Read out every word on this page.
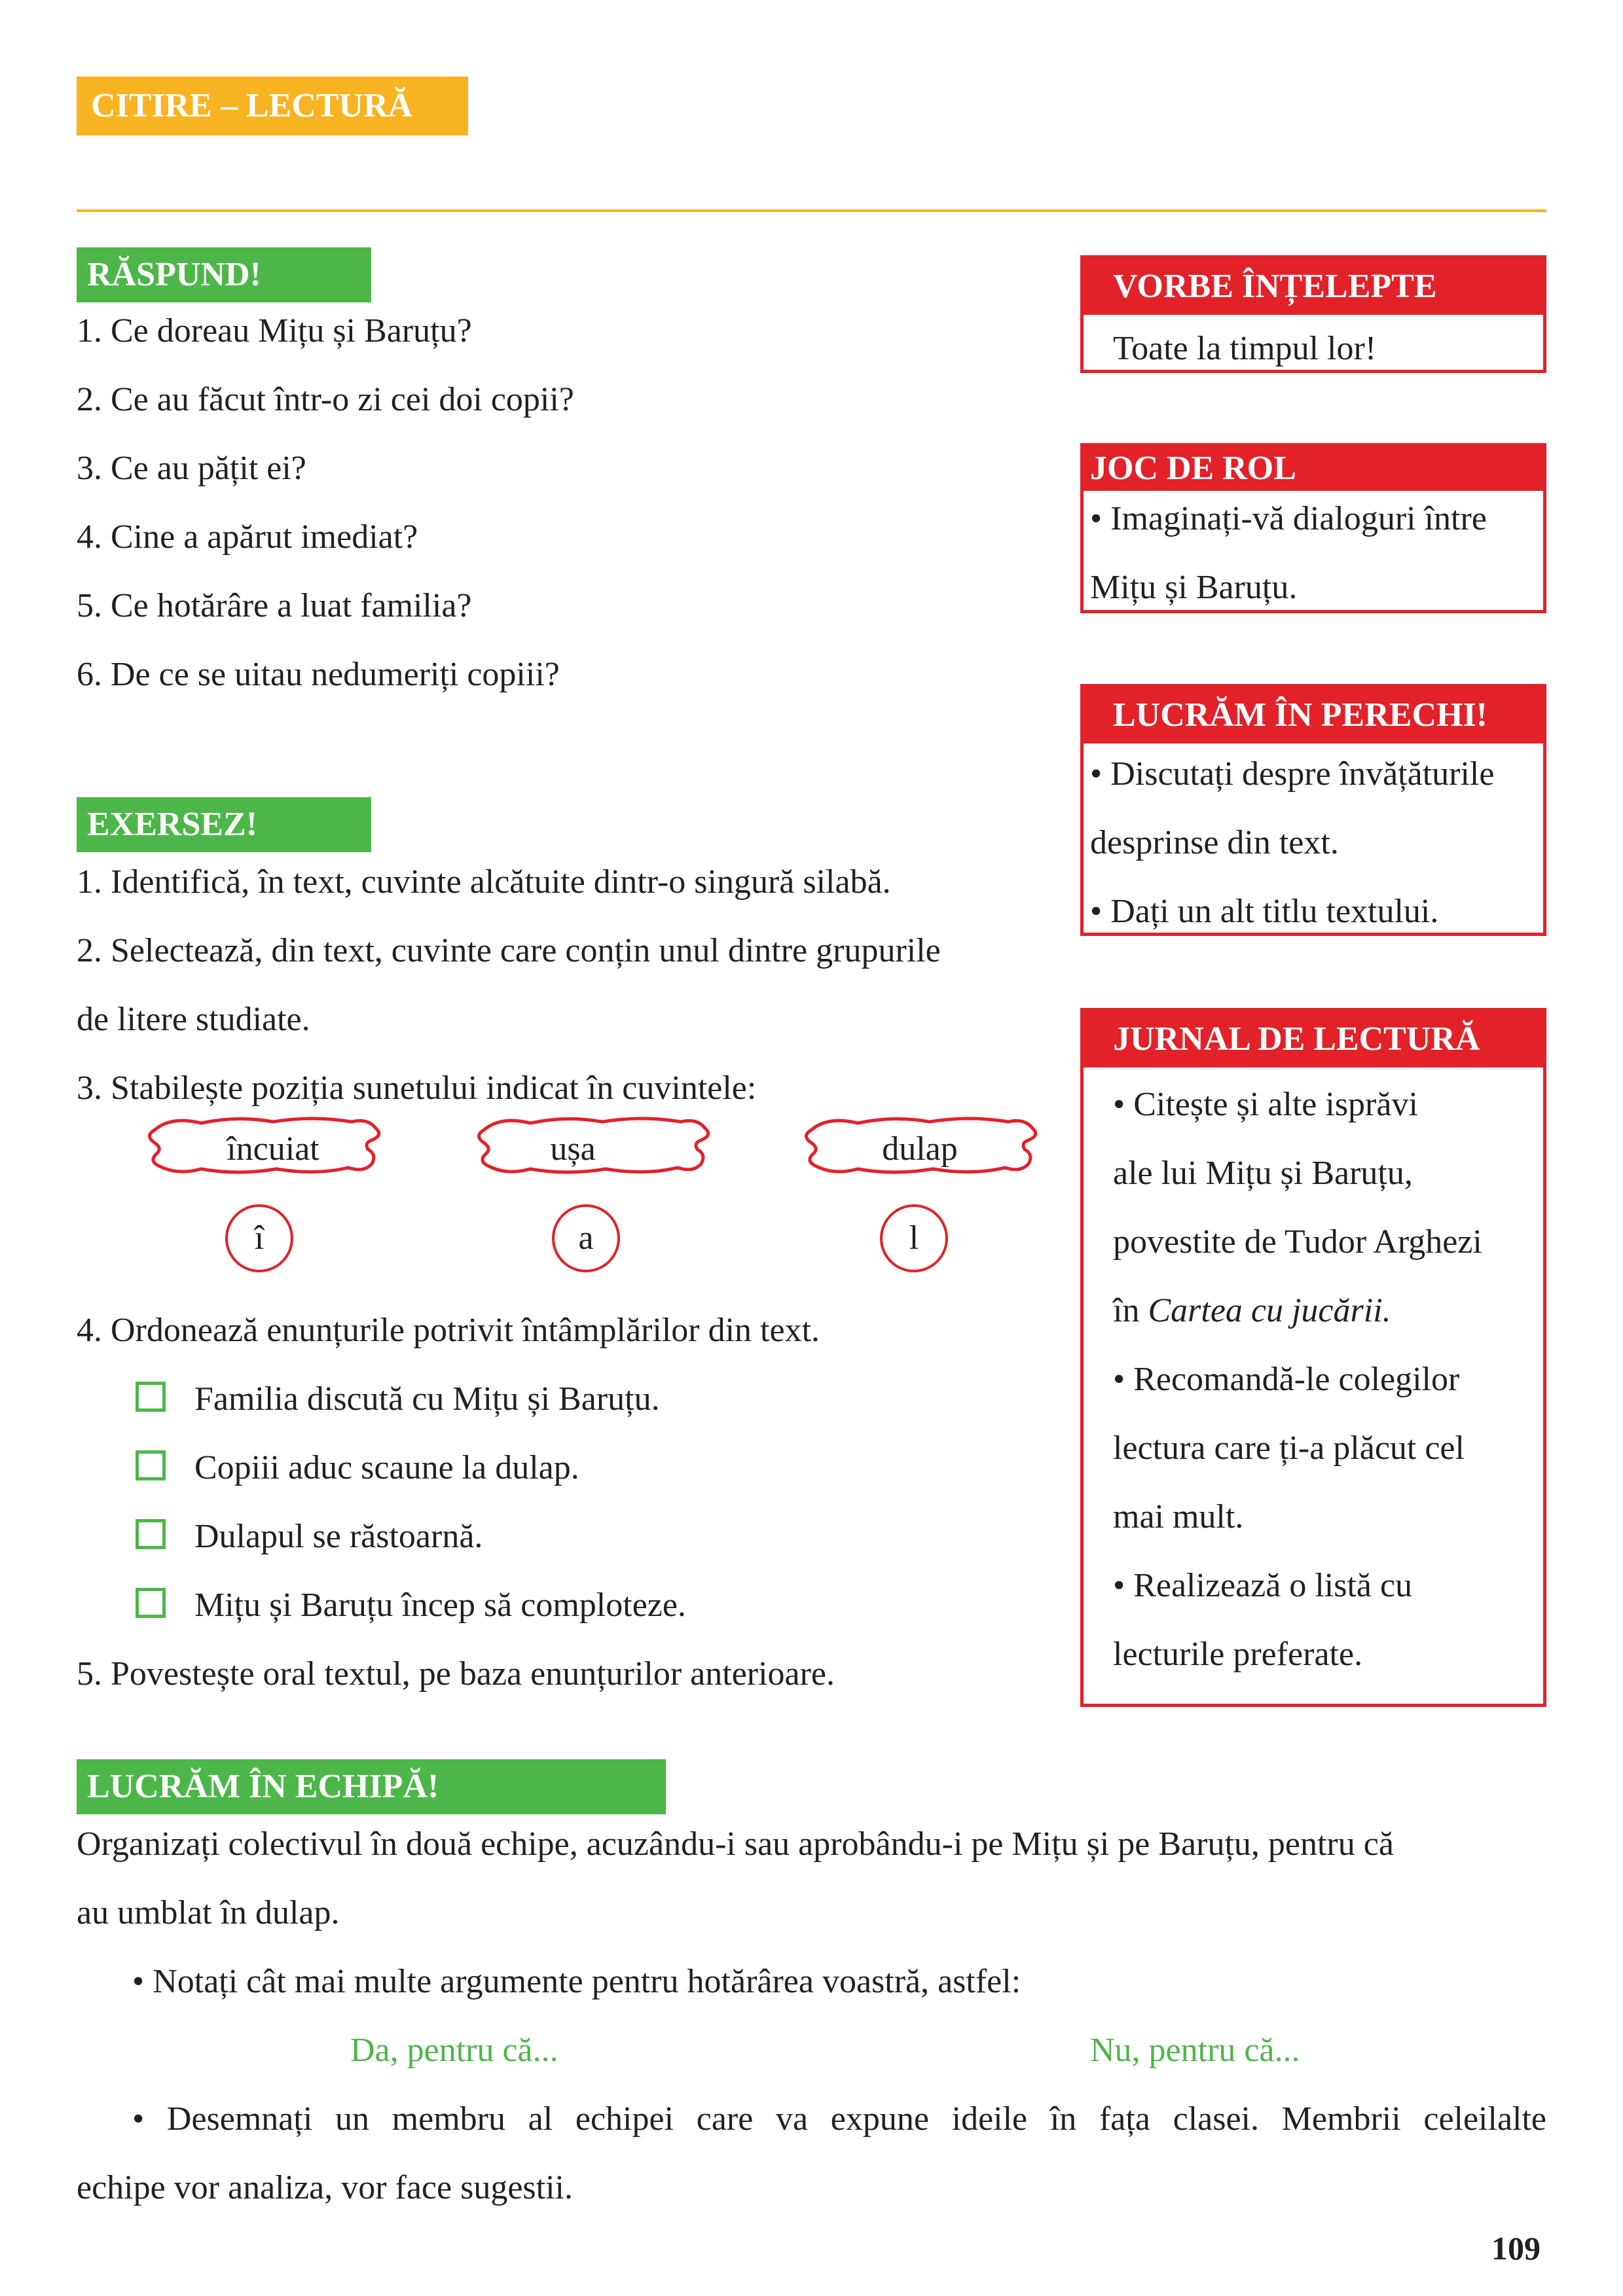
CITIRE – LECTURĂ
RĂSPUND!
1. Ce doreau Mițu și Baruțu?
2. Ce au făcut într-o zi cei doi copii?
3. Ce au pățit ei?
4. Cine a apărut imediat?
5. Ce hotărâre a luat familia?
6. De ce se uitau nedumeriți copiii?
EXERSEZ!
1. Identifică, în text, cuvinte alcătuite dintr-o singură silabă.
2. Selectează, din text, cuvinte care conțin unul dintre grupurile
de litere studiate.
3. Stabilește poziția sunetului indicat în cuvintele:
încuiat	ușa	dulap
î	a	l
4. Ordonează enunțurile potrivit întâmplărilor din text.
Familia discută cu Mițu și Baruțu.
Copiii aduc scaune la dulap.
Dulapul se răstoarnă.
Mițu și Baruțu încep să comploteze.
5. Povestește oral textul, pe baza enunțurilor anterioare.
VORBE ÎNȚELEPTE
Toate la timpul lor!
JOC DE ROL
• Imaginați-vă dialoguri între
Mițu și Baruțu.
LUCRĂM ÎN PERECHI!
• Discutați despre învățăturile
desprinse din text.
• Dați un alt titlu textului.
JURNAL DE LECTURĂ
• Citește și alte isprăvi
ale lui Mițu și Baruțu,
povestite de Tudor Arghezi
în Cartea cu jucării.
• Recomandă-le colegilor
lectura care ți-a plăcut cel
mai mult.
• Realizează o listă cu
lecturile preferate.
LUCRĂM ÎN ECHIPĂ!
Organizați colectivul în două echipe, acuzându-i sau aprobându-i pe Mițu și pe Baruțu, pentru că
au umblat în dulap.
• Notați cât mai multe argumente pentru hotărârea voastră, astfel:
Da, pentru că...	Nu, pentru că...
• Desemnați un membru al echipei care va expune ideile în fața clasei. Membrii celeilalte
echipe vor analiza, vor face sugestii.
109
